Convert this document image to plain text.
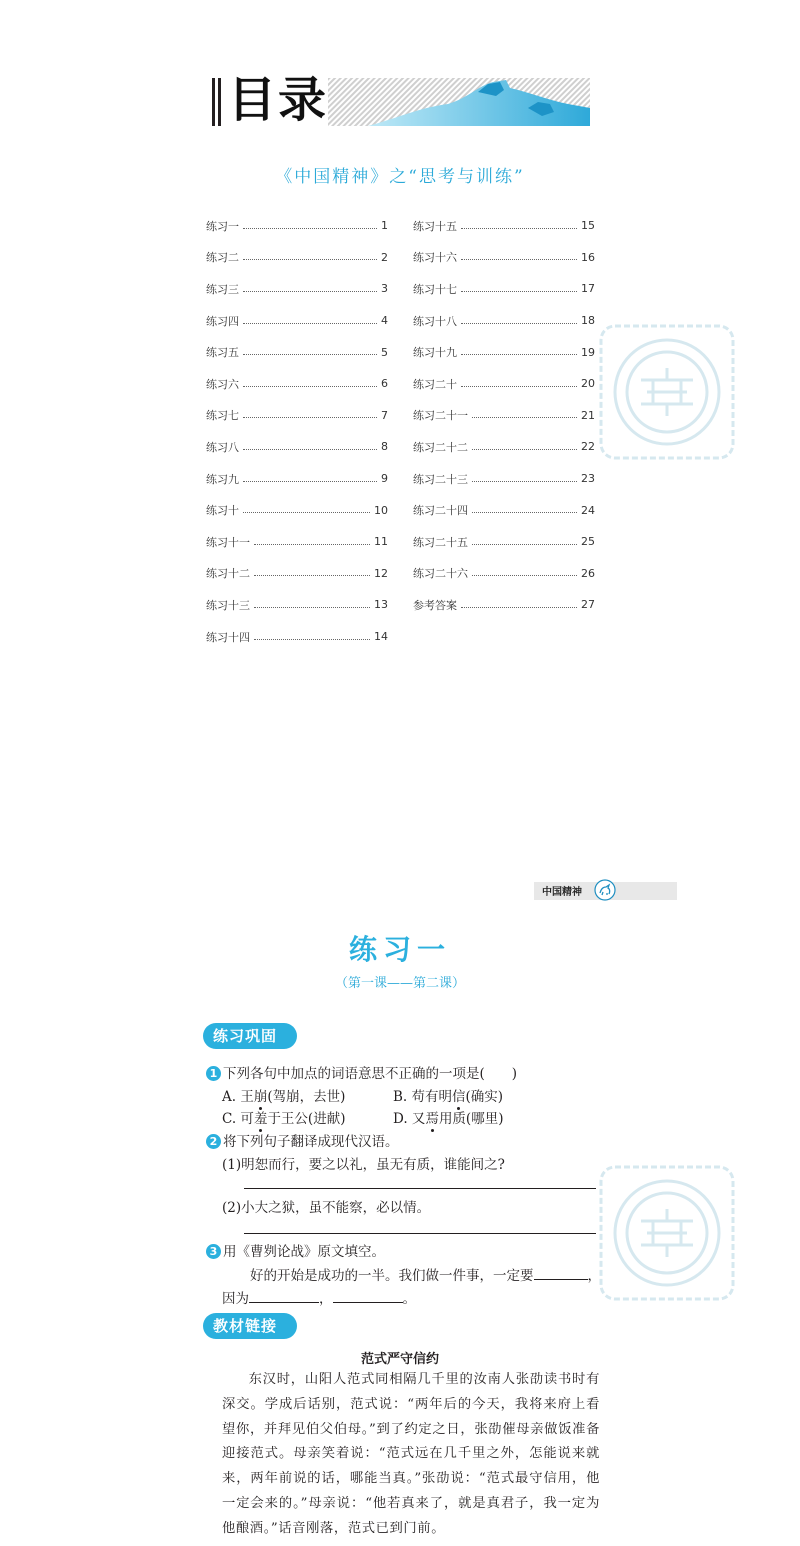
目录
《中国精神》之“思考与训练”
练习一	1
练习二	2
练习三	3
练习四	4
练习五	5
练习六	6
练习七	7
练习八	8
练习九	9
练习十	10
练习十一	11
练习十二	12
练习十三	13
练习十四	14
练习十五	15
练习十六	16
练习十七	17
练习十八	18
练习十九	19
练习二十	20
练习二十一	21
练习二十二	22
练习二十三	23
练习二十四	24
练习二十五	25
练习二十六	26
参考答案	27
中国精神
练习一
（第一课——第二课）
练习巩固
1 下列各句中加点的词语意思不正确的一项是(　　)
A. 王崩(驾崩，去世)	B. 苟有明信(确实)
C. 可羞于王公(进献)	D. 又焉用质(哪里)
2 将下列句子翻译成现代汉语。
(1)明恕而行，要之以礼，虽无有质，谁能间之?
(2)小大之狱，虽不能察，必以情。
3 用《曹刿论战》原文填空。
好的开始是成功的一半。我们做一件事，一定要	，
因为	，	。
教材链接
范式严守信约
东汉时，山阳人范式同相隔几千里的汝南人张劭读书时有深交。学成后话别，范式说：“两年后的今天，我将来府上看望你，并拜见伯父伯母。”到了约定之日，张劭催母亲做饭准备迎接范式。母亲笑着说：“范式远在几千里之外，怎能说来就来，两年前说的话，哪能当真。”张劭说：“范式最守信用，他一定会来的。”母亲说：“他若真来了，就是真君子，我一定为他酿酒。”话音刚落，范式已到门前。
